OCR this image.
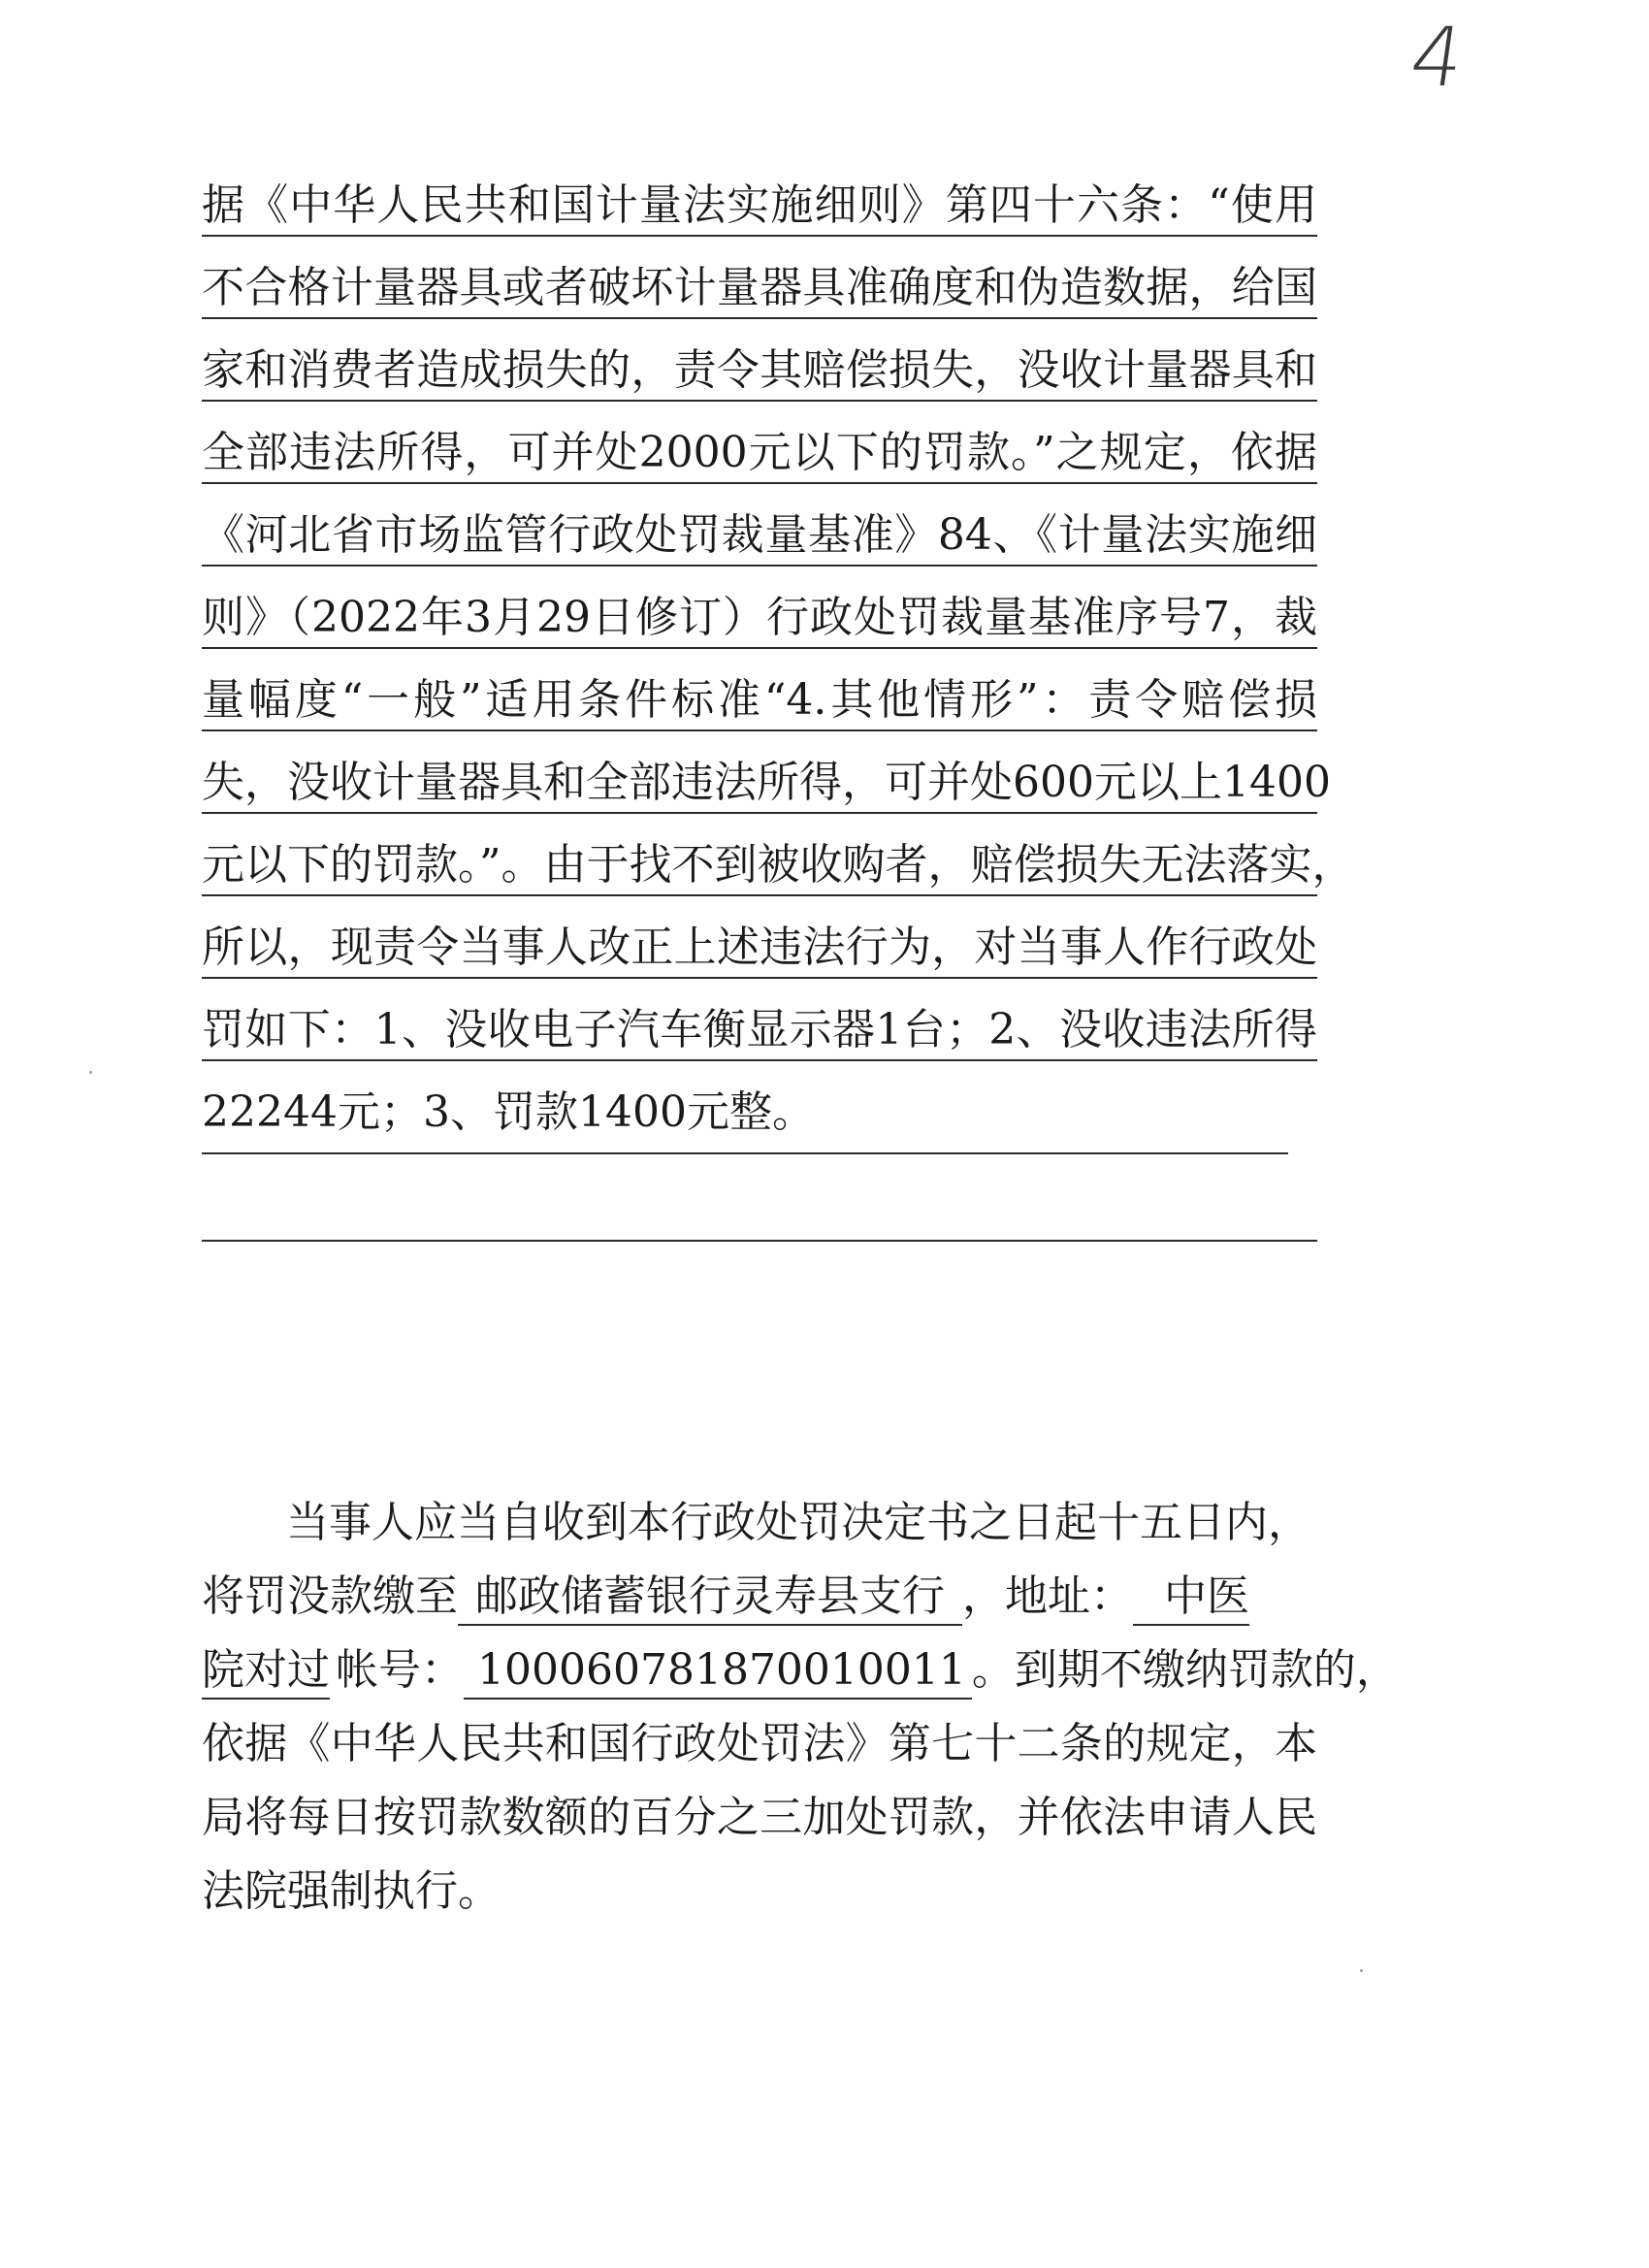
4
据《中华人民共和国计量法实施细则》第四十六条：“使用
不合格计量器具或者破坏计量器具准确度和伪造数据，给国
家和消费者造成损失的，责令其赔偿损失，没收计量器具和
全部违法所得，可并处2000元以下的罚款。”之规定，依据
《河北省市场监管行政处罚裁量基准》84、《计量法实施细
则》（2022年3月29日修订）行政处罚裁量基准序号7，裁
量幅度“一般”适用条件标准“4.其他情形”：责令赔偿损
失，没收计量器具和全部违法所得，可并处600元以上1400
元以下的罚款。”。由于找不到被收购者，赔偿损失无法落实，
所以，现责令当事人改正上述违法行为，对当事人作行政处
罚如下：1、没收电子汽车衡显示器1台；2、没收违法所得
22244元；3、罚款1400元整。
当事人应当自收到本行政处罚决定书之日起十五日内，
将罚没款缴至 邮政储蓄银行灵寿县支行 ，地址： 中医
院对过 帐号： 100060781870010011 。到期不缴纳罚款的，
依据《中华人民共和国行政处罚法》第七十二条的规定，本
局将每日按罚款数额的百分之三加处罚款，并依法申请人民
法院强制执行。
